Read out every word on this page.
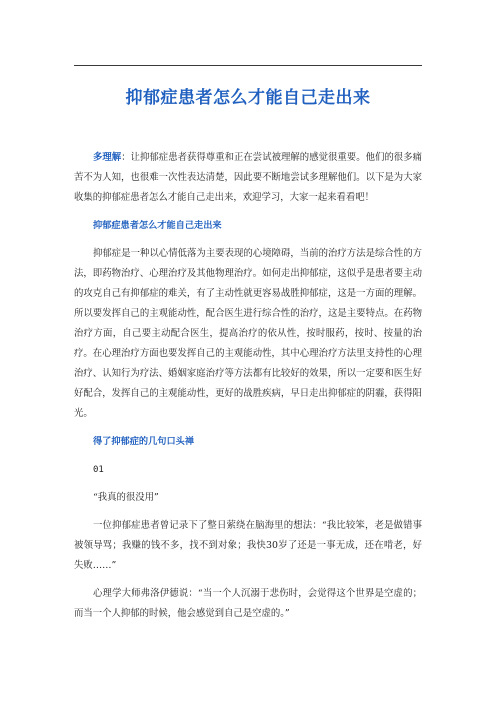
抑郁症患者怎么才能自己走出来

多理解：让抑郁症患者获得尊重和正在尝试被理解的感觉很重要。他们的很多痛苦不为人知，也很难一次性表达清楚，因此要不断地尝试多理解他们。以下是为大家收集的抑郁症患者怎么才能自己走出来，欢迎学习，大家一起来看看吧！

抑郁症患者怎么才能自己走出来

抑郁症是一种以心情低落为主要表现的心境障碍，当前的治疗方法是综合性的方法，即药物治疗、心理治疗及其他物理治疗。如何走出抑郁症，这似乎是患者要主动的攻克自己有抑郁症的难关，有了主动性就更容易战胜抑郁症，这是一方面的理解。所以要发挥自己的主观能动性，配合医生进行综合性的治疗，这是主要特点。在药物治疗方面，自己要主动配合医生，提高治疗的依从性，按时服药，按时、按量的治疗。在心理治疗方面也要发挥自己的主观能动性，其中心理治疗方法里支持性的心理治疗、认知行为疗法、婚姻家庭治疗等方法都有比较好的效果，所以一定要和医生好好配合，发挥自己的主观能动性，更好的战胜疾病，早日走出抑郁症的阴霾，获得阳光。

得了抑郁症的几句口头禅

01

“我真的很没用”

一位抑郁症患者曾记录下了整日萦绕在脑海里的想法：“我比较笨，老是做错事被领导骂；我赚的钱不多，找不到对象；我快30岁了还是一事无成，还在啃老，好失败……”

心理学大师弗洛伊德说：“当一个人沉溺于悲伤时，会觉得这个世界是空虚的；而当一个人抑郁的时候，他会感觉到自己是空虚的。”
